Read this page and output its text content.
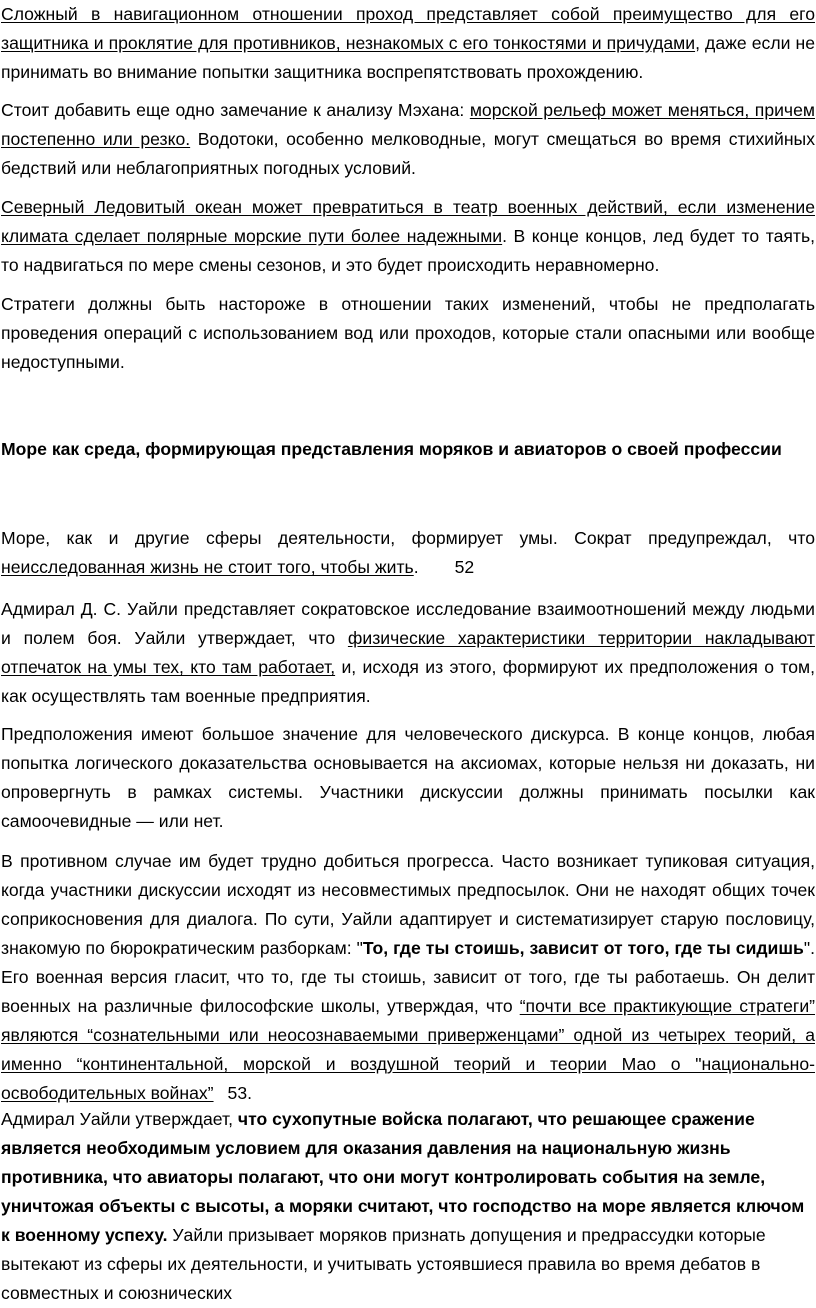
Сложный в навигационном отношении проход представляет собой преимущество для его защитника и проклятие для противников, незнакомых с его тонкостями и причудами, даже если не принимать во внимание попытки защитника воспрепятствовать прохождению.

Стоит добавить еще одно замечание к анализу Мэхана: морской рельеф может меняться, причем постепенно или резко. Водотоки, особенно мелководные, могут смещаться во время стихийных бедствий или неблагоприятных погодных условий.

Северный Ледовитый океан может превратиться в театр военных действий, если изменение климата сделает полярные морские пути более надежными. В конце концов, лед будет то таять, то надвигаться по мере смены сезонов, и это будет происходить неравномерно.

Стратеги должны быть настороже в отношении таких изменений, чтобы не предполагать проведения операций с использованием вод или проходов, которые стали опасными или вообще недоступными.

Море как среда, формирующая представления моряков и авиаторов о своей профессии

Море, как и другие сферы деятельности, формирует умы. Сократ предупреждал, что неисследованная жизнь не стоит того, чтобы жить. 52

Адмирал Д. С. Уайли представляет сократовское исследование взаимоотношений между людьми и полем боя. Уайли утверждает, что физические характеристики территории накладывают отпечаток на умы тех, кто там работает, и, исходя из этого, формируют их предположения о том, как осуществлять там военные предприятия.

Предположения имеют большое значение для человеческого дискурса. В конце концов, любая попытка логического доказательства основывается на аксиомах, которые нельзя ни доказать, ни опровергнуть в рамках системы. Участники дискуссии должны принимать посылки как самоочевидные — или нет.

В противном случае им будет трудно добиться прогресса. Часто возникает тупиковая ситуация, когда участники дискуссии исходят из несовместимых предпосылок. Они не находят общих точек соприкосновения для диалога. По сути, Уайли адаптирует и систематизирует старую пословицу, знакомую по бюрократическим разборкам: "То, где ты стоишь, зависит от того, где ты сидишь". Его военная версия гласит, что то, где ты стоишь, зависит от того, где ты работаешь. Он делит военных на различные философские школы, утверждая, что “почти все практикующие стратеги” являются “сознательными или неосознаваемыми приверженцами” одной из четырех теорий, а именно “континентальной, морской и воздушной теорий и теории Мао о "национально-освободительных войнах” 53.

Адмирал Уайли утверждает, что сухопутные войска полагают, что решающее сражение является необходимым условием для оказания давления на национальную жизнь противника, что авиаторы полагают, что они могут контролировать события на земле, уничтожая объекты с высоты, а моряки считают, что господство на море является ключом к военному успеху. Уайли призывает моряков признать допущения и предрассудки которые вытекают из сферы их деятельности, и учитывать устоявшиеся правила во время дебатов в совместных и союзнических
